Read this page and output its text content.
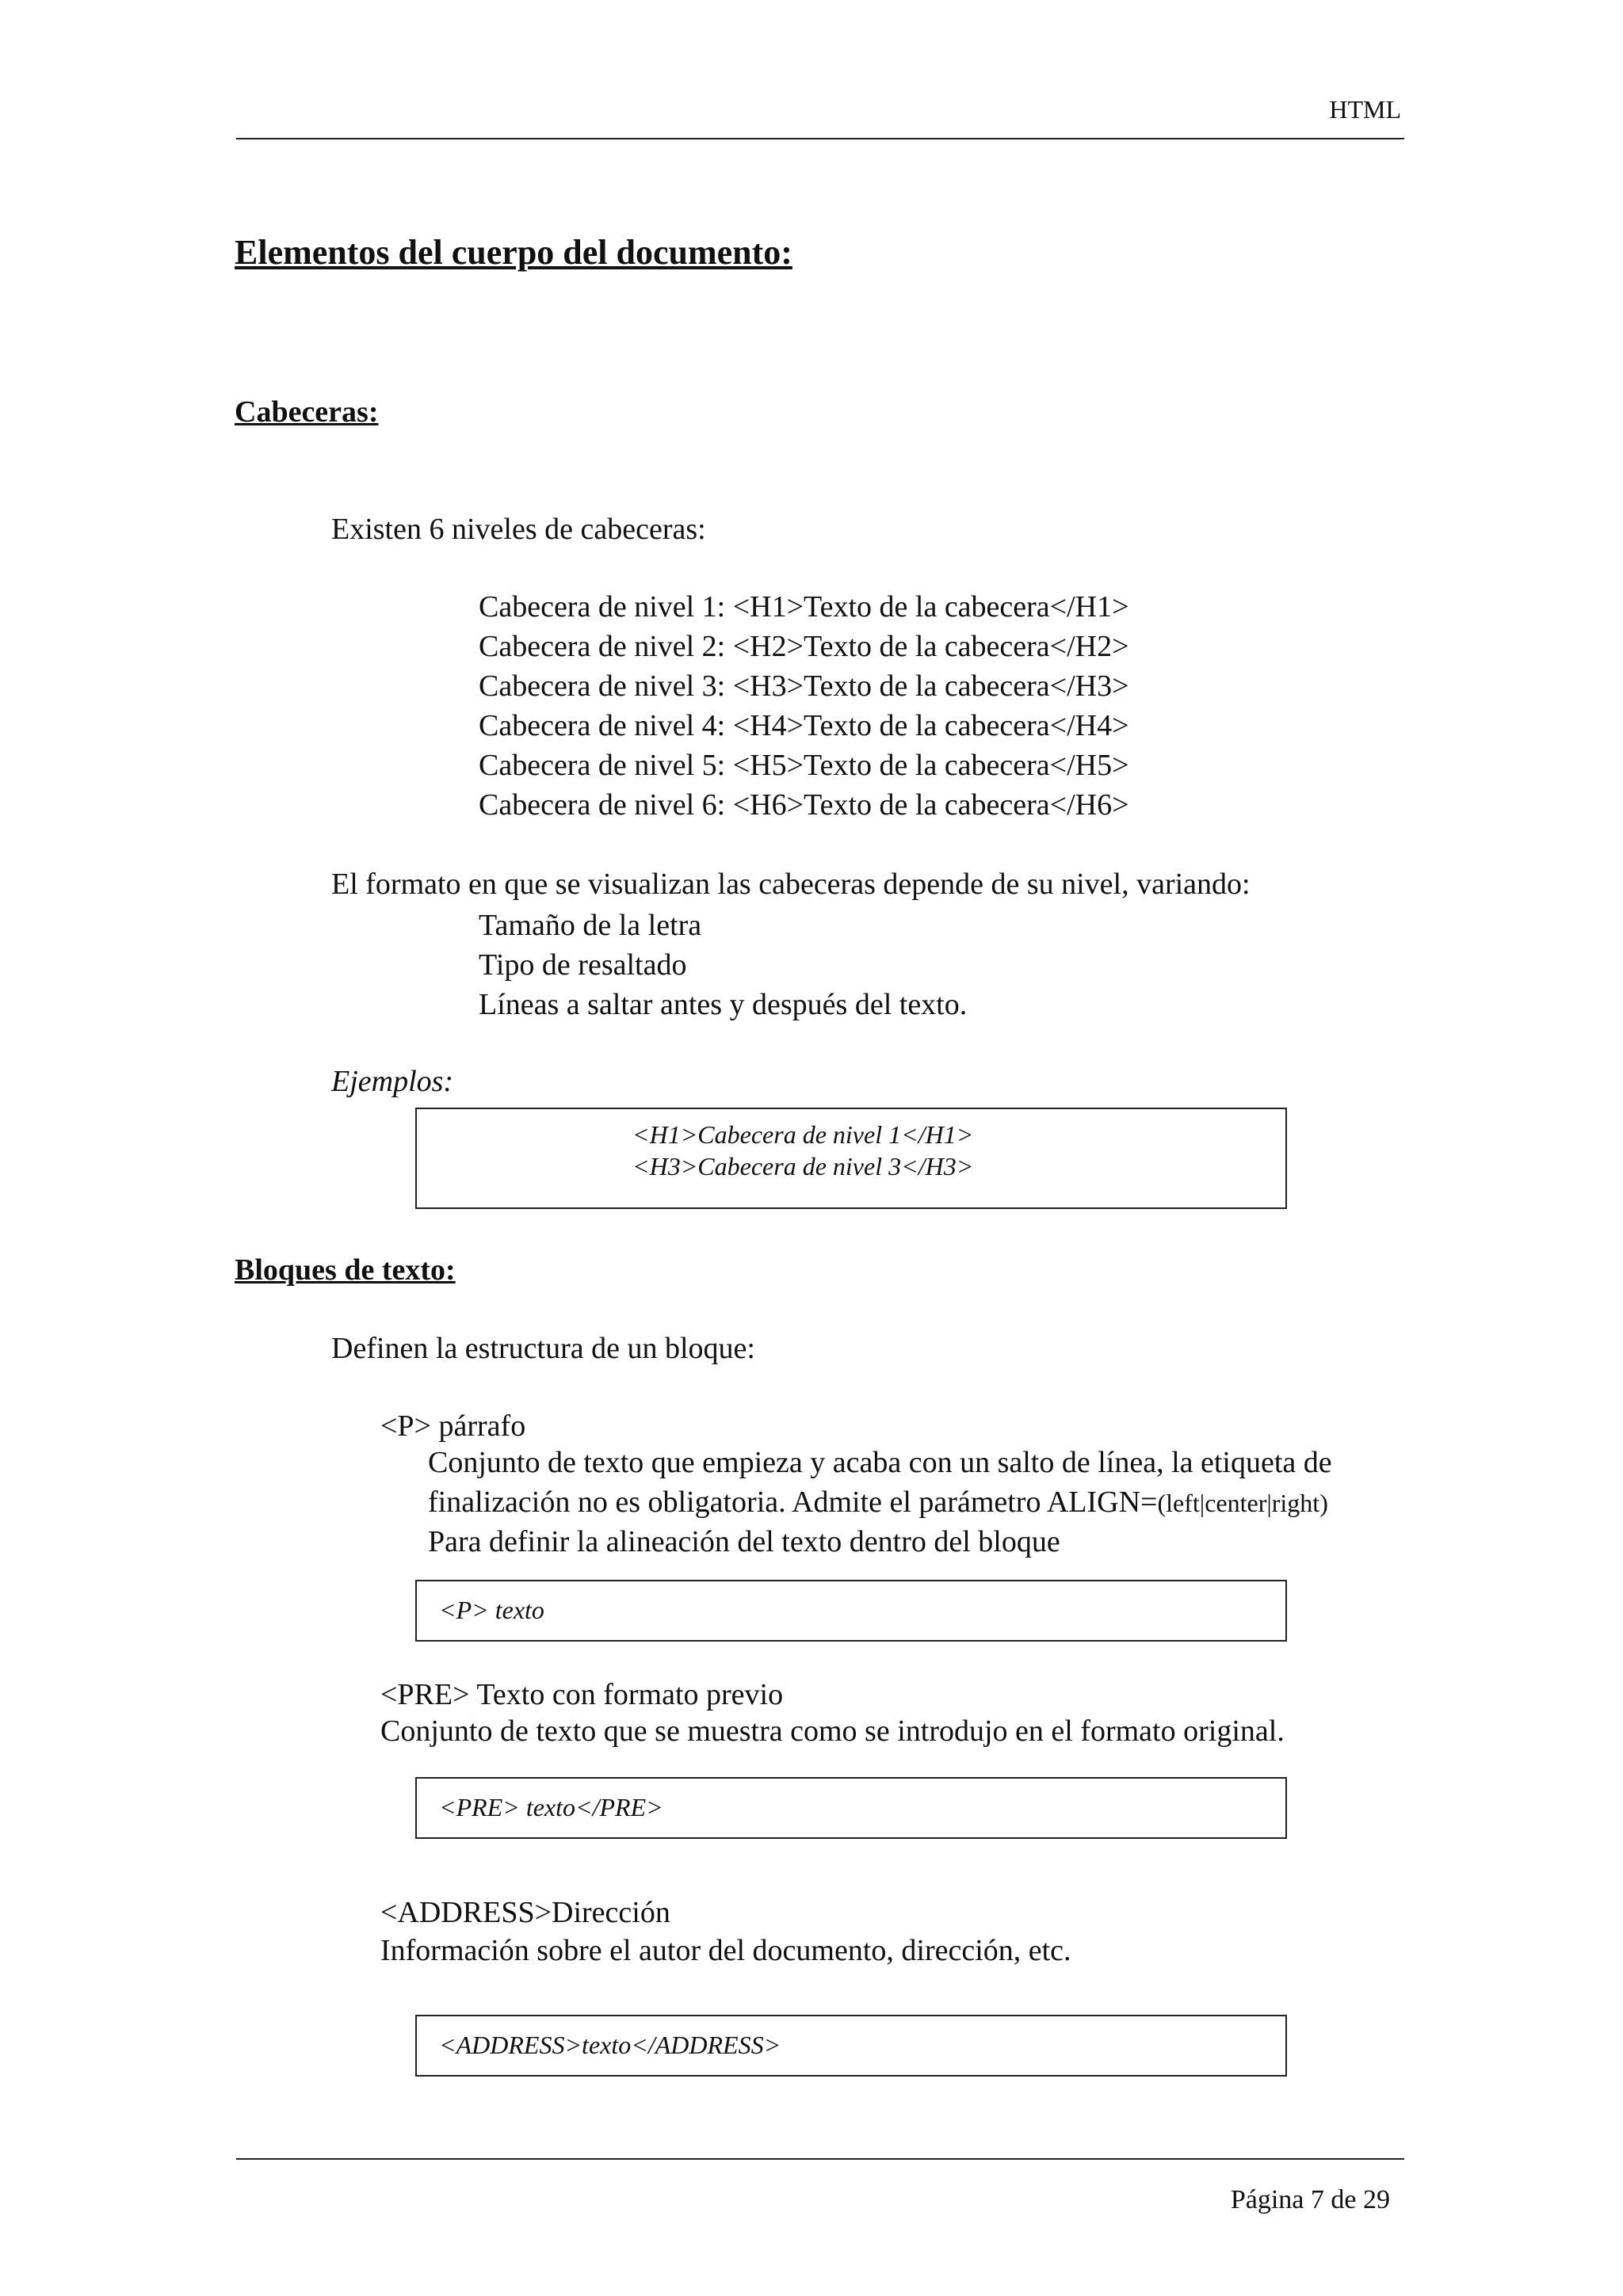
HTML
Elementos del cuerpo del documento:
Cabeceras:
Existen 6 niveles de cabeceras:
Cabecera de nivel 1: <H1>Texto de la cabecera</H1>
Cabecera de nivel 2: <H2>Texto de la cabecera</H2>
Cabecera de nivel 3: <H3>Texto de la cabecera</H3>
Cabecera de nivel 4: <H4>Texto de la cabecera</H4>
Cabecera de nivel 5: <H5>Texto de la cabecera</H5>
Cabecera de nivel 6: <H6>Texto de la cabecera</H6>
El formato en que se visualizan las cabeceras depende de su nivel, variando:
Tamaño de la letra
Tipo de resaltado
Líneas a saltar antes y después del texto.
Ejemplos:
<H1>Cabecera de nivel 1</H1>
<H3>Cabecera de nivel 3</H3>
Bloques de texto:
Definen la estructura de un bloque:
<P> párrafo
Conjunto de texto que empieza y acaba con un salto de línea, la etiqueta de
finalización no es obligatoria. Admite el parámetro ALIGN=(left|center|right)
Para definir la alineación del texto dentro del bloque
<P> texto
<PRE> Texto con formato previo
Conjunto de texto que se muestra como se introdujo en el formato original.
<PRE> texto</PRE>
<ADDRESS>Dirección
Información sobre el autor del documento, dirección, etc.
<ADDRESS>texto</ADDRESS>
Página 7 de 29
